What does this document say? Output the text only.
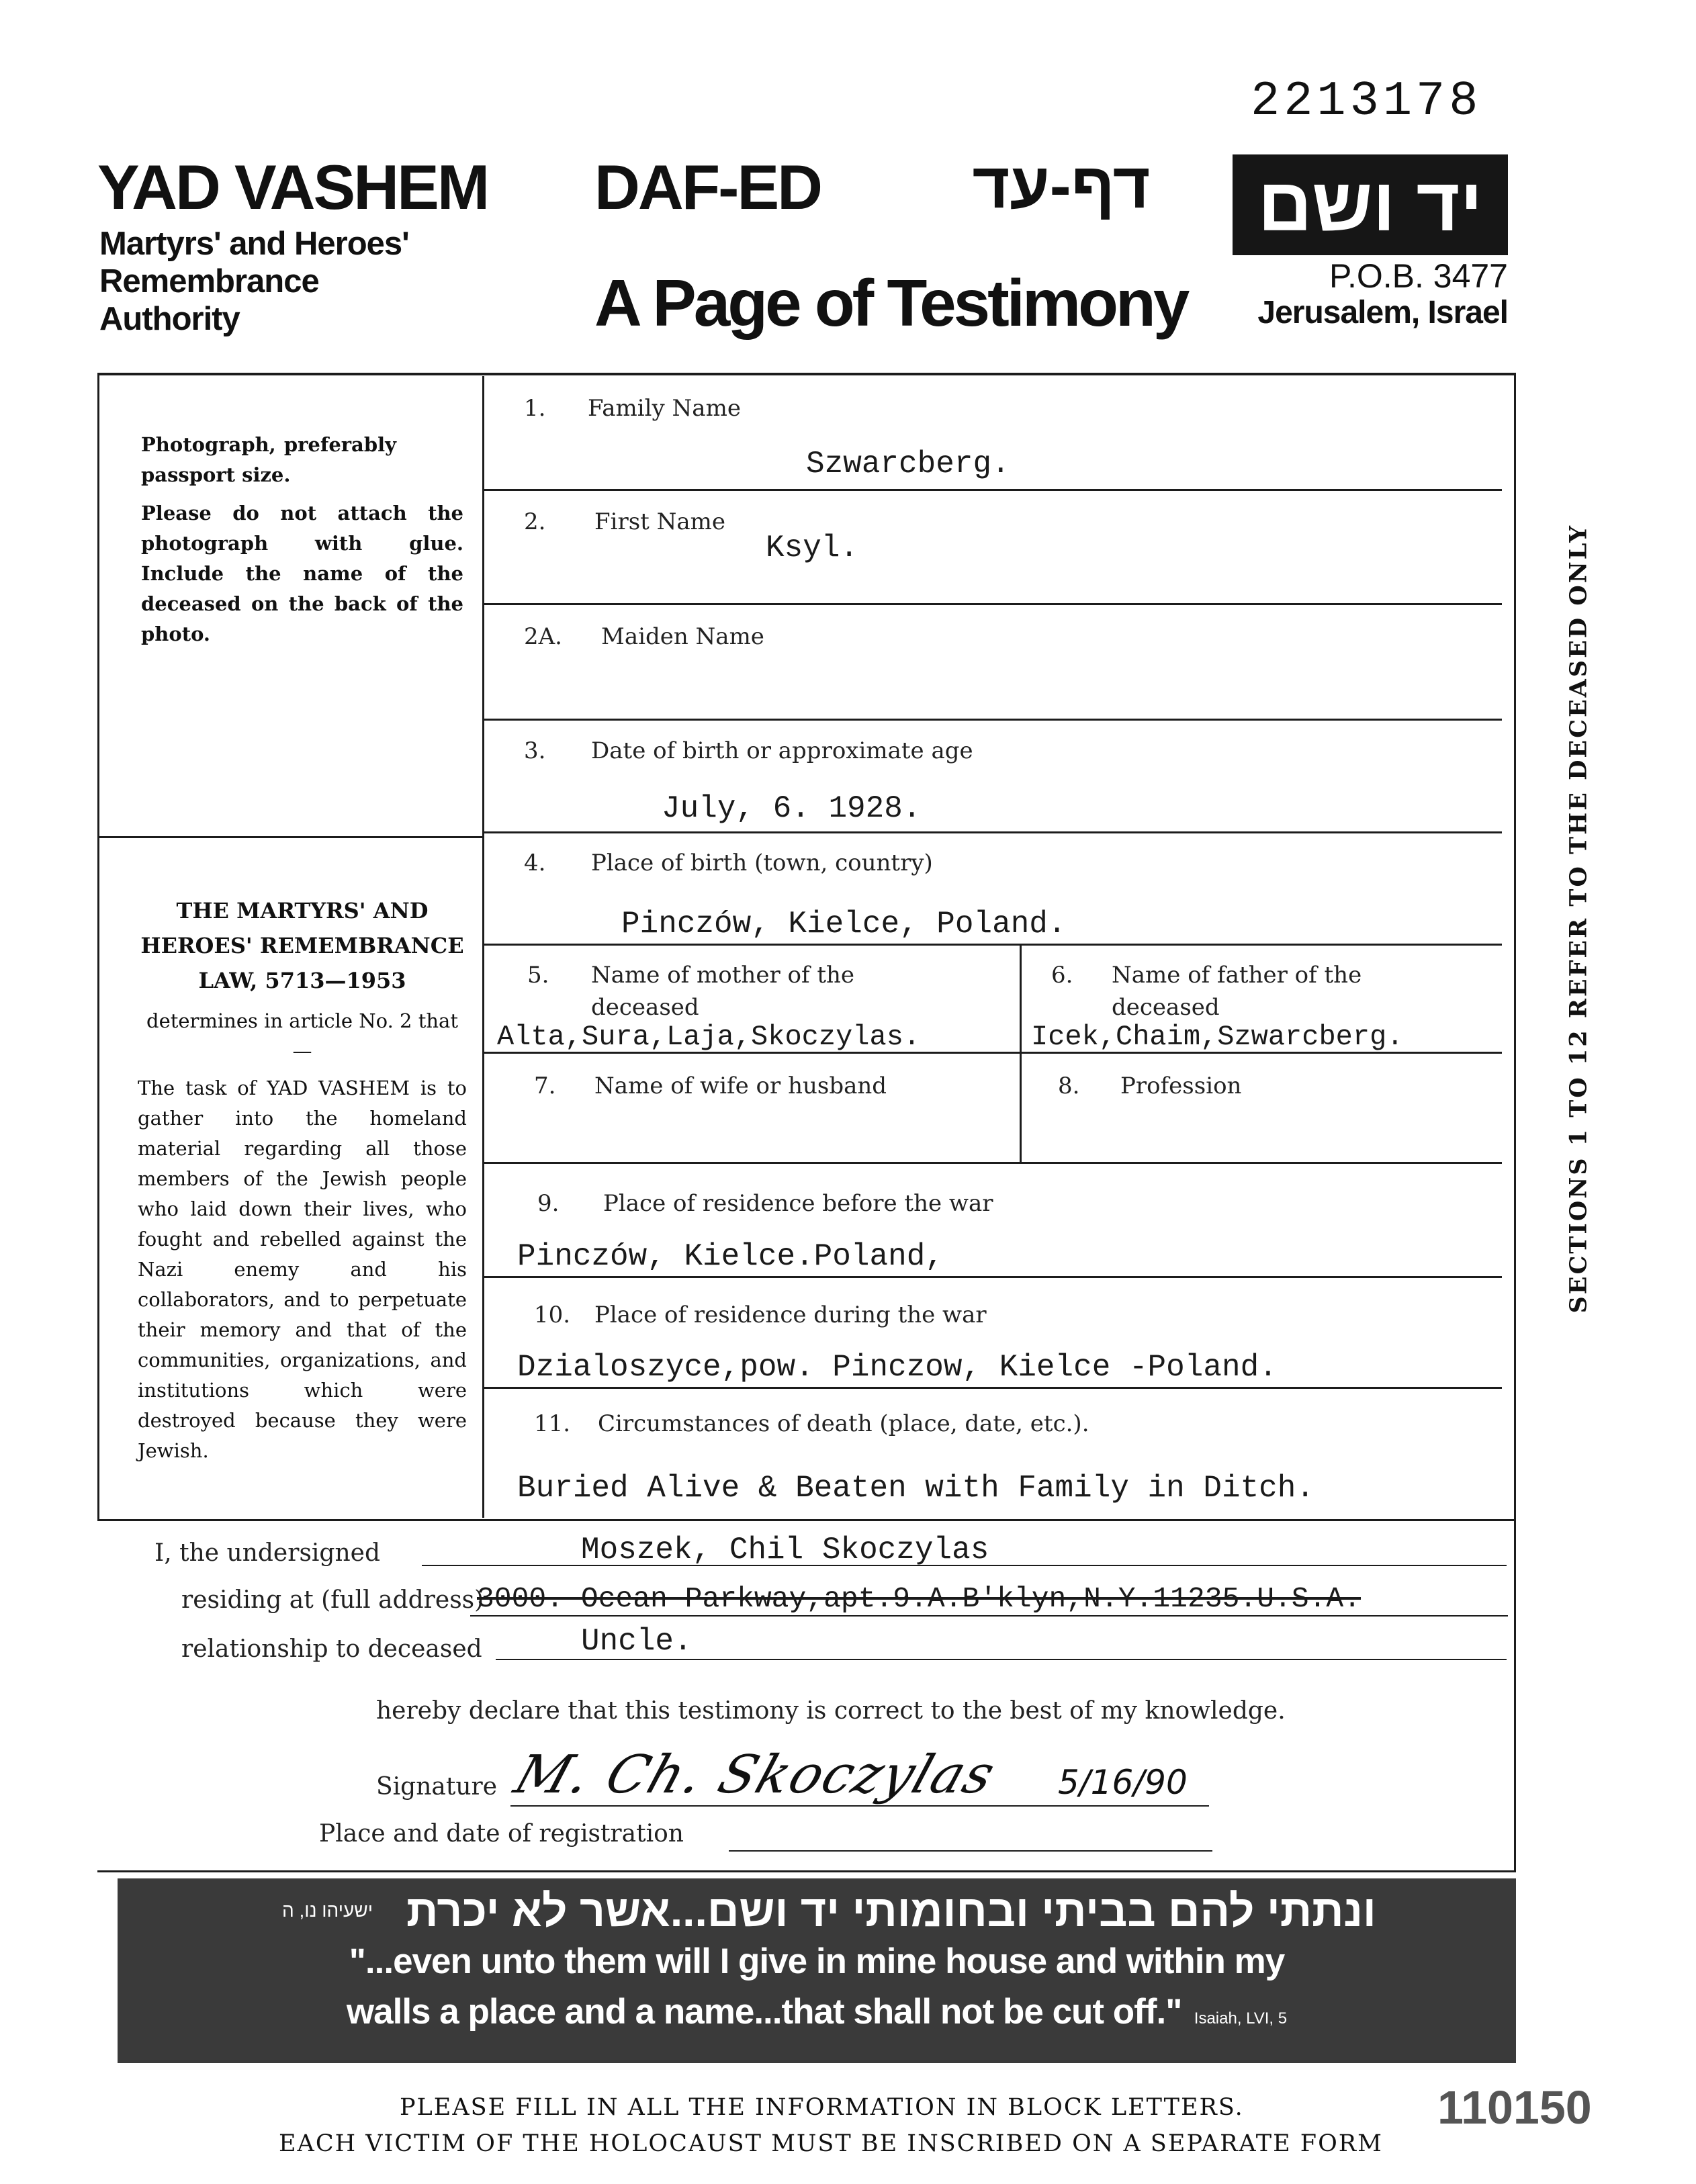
2213178
YAD VASHEM
Martyrs' and Heroes'
Remembrance
Authority
DAF-ED	דף-עד
A Page of Testimony
יד ושם
P.O.B. 3477
Jerusalem, Israel

Photograph, preferably passport size.

Please do not attach the photograph with glue. Include the name of the deceased on the back of the photo.

THE MARTYRS' AND HEROES' REMEMBRANCE LAW, 5713—1953

determines in article No. 2 that —

The task of YAD VASHEM is to gather into the homeland material regarding all those members of the Jewish people who laid down their lives, who fought and rebelled against the Nazi enemy and his collaborators, and to perpetuate their memory and that of the communities, organizations, and institutions which were destroyed because they were Jewish.

1. Family Name
Szwarcberg.
2. First Name
Ksyl.
2A. Maiden Name
3. Date of birth or approximate age
July, 6. 1928.
4. Place of birth (town, country)
Pinczów, Kielce, Poland.
5. Name of mother of the
deceased
Alta,Sura,Laja,Skoczylas.
6. Name of father of the
deceased
Icek,Chaim,Szwarcberg.
7. Name of wife or husband	8. Profession
9. Place of residence before the war
Pinczów, Kielce.Poland,
10. Place of residence during the war
Dzialoszyce,pow. Pinczow, Kielce -Poland.
11. Circumstances of death (place, date, etc.).
Buried Alive & Beaten with Family in Ditch.
SECTIONS 1 TO 12 REFER TO THE DECEASED ONLY
I, the undersigned	Moszek, Chil Skoczylas
residing at (full address)
3000. Ocean Parkway,apt.9.A.B'klyn,N.Y.11235.U.S.A.
relationship to deceased	Uncle.
hereby declare that this testimony is correct to the best of my knowledge.
Signature M. Ch. Skoczylas 5/16/90
Place and date of registration
ישעיהו נו, ה ונתתי להם בביתי ובחומותי יד ושם...אשר לא יכרת
"...even unto them will I give in mine house and within my
walls a place and a name...that shall not be cut off." Isaiah, LVI, 5
PLEASE FILL IN ALL THE INFORMATION IN BLOCK LETTERS.
EACH VICTIM OF THE HOLOCAUST MUST BE INSCRIBED ON A SEPARATE FORM
110150
